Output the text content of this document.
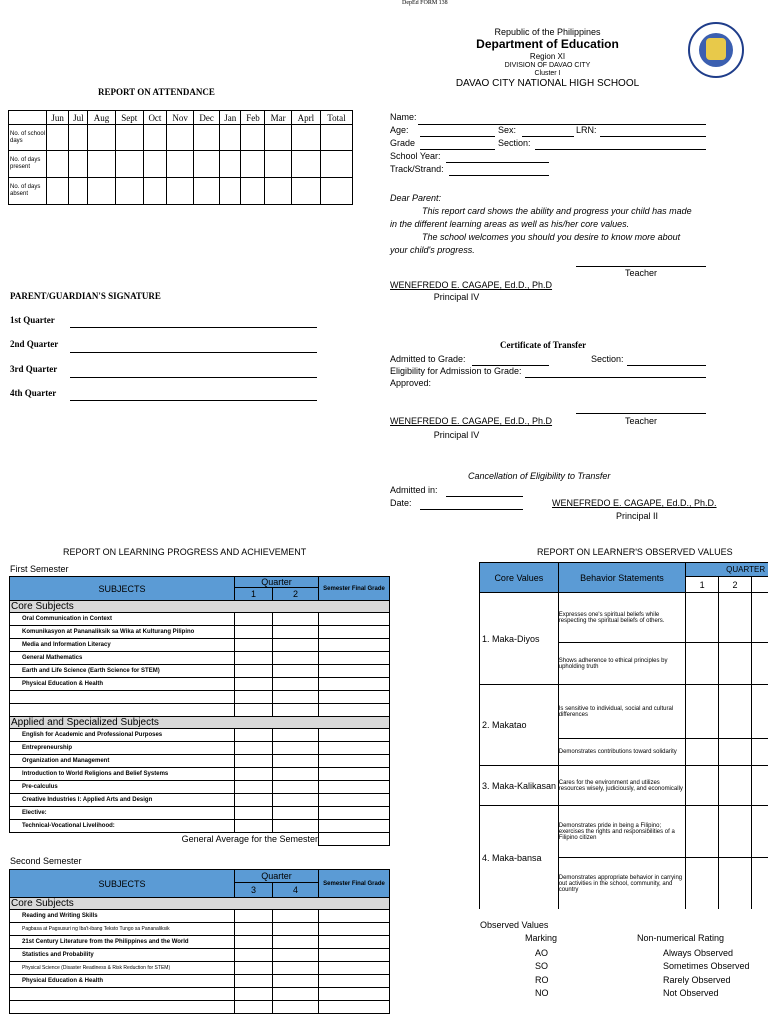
DepEd FORM 138
Republic of the Philippines
Department of Education
Region XI
DIVISION OF DAVAO CITY
Cluster I
DAVAO CITY NATIONAL HIGH SCHOOL
REPORT ON ATTENDANCE
	Jun	Jul	Aug	Sept	Oct	Nov	Dec	Jan	Feb	Mar	Aprl	Total
No. of school days												
No. of days present												
No. of days absent												
PARENT/GUARDIAN'S SIGNATURE
1st Quarter
2nd Quarter
3rd Quarter
4th Quarter
Name:
Age:	Sex:	LRN:
Grade	Section:
School Year:
Track/Strand:
Dear Parent:
This report card shows the ability and progress your child has made
in the different learning areas as well as his/her core values.
The school welcomes you should you desire to know more about
your child's progress.
Teacher
WENEFREDO E. CAGAPE, Ed.D., Ph.D
Principal IV
Certificate of Transfer
Admitted to Grade:	Section:
Eligibility for Admission to Grade:
Approved:
WENEFREDO E. CAGAPE, Ed.D., Ph.D	Teacher
Principal IV
Cancellation of Eligibility to Transfer
Admitted in:
Date:	WENEFREDO E. CAGAPE, Ed.D., Ph.D.
Principal II
REPORT ON LEARNING PROGRESS AND ACHIEVEMENT
First Semester
SUBJECTS	Quarter		Semester Final Grade
	1	2	
Core Subjects			
Oral Communication in Context			
Komunikasyon at Pananaliksik sa Wika at Kulturang Pilipino			
Media and Information Literacy			
General Mathematics			
Earth and Life Science (Earth Science for STEM)			
Physical Education & Health			

Applied and Specialized Subjects			
English for Academic and Professional Purposes			
Entrepreneurship			
Organization and Management			
Introduction to World Religions and Belief Systems			
Pre-calculus			
Creative Industries I: Applied Arts and Design			
Elective:			
Technical-Vocational Livelihood:			
General Average for the Semester			
Second Semester
SUBJECTS	Quarter		Semester Final Grade
	3	4	
Core Subjects			
Reading and Writing Skills			
Pagbasa at Pagsusuri ng Iba't-ibang Teksto Tungo sa Pananaliksik			
21st Century Literature from the Philippines and the World			
Statistics and Probability			
Physical Science (Disaster Readiness & Risk Reduction for STEM)			
Physical Education & Health			

REPORT ON LEARNER'S OBSERVED VALUES
Core Values	Behavior Statements	QUARTER		
		1	2	
1. Maka-Diyos	Expresses one's spiritual beliefs while respecting the spiritual beliefs of others.			
	Shows adherence to ethical principles by upholding truth			
2. Makatao	Is sensitive to individual, social and cultural differences			
	Demonstrates contributions toward solidarity			
3. Maka-Kalikasan	Cares for the environment and utilizes resources wisely, judiciously, and economically			
4. Maka-bansa	Demonstrates pride in being a Filipino; exercises the rights and responsibilities of a Filipino citizen			
	Demonstrates appropriate behavior in carrying out activities in the school, community, and country			
Observed Values
Marking	Non-numerical Rating
AO	Always Observed
SO	Sometimes Observed
RO	Rarely Observed
NO	Not Observed
